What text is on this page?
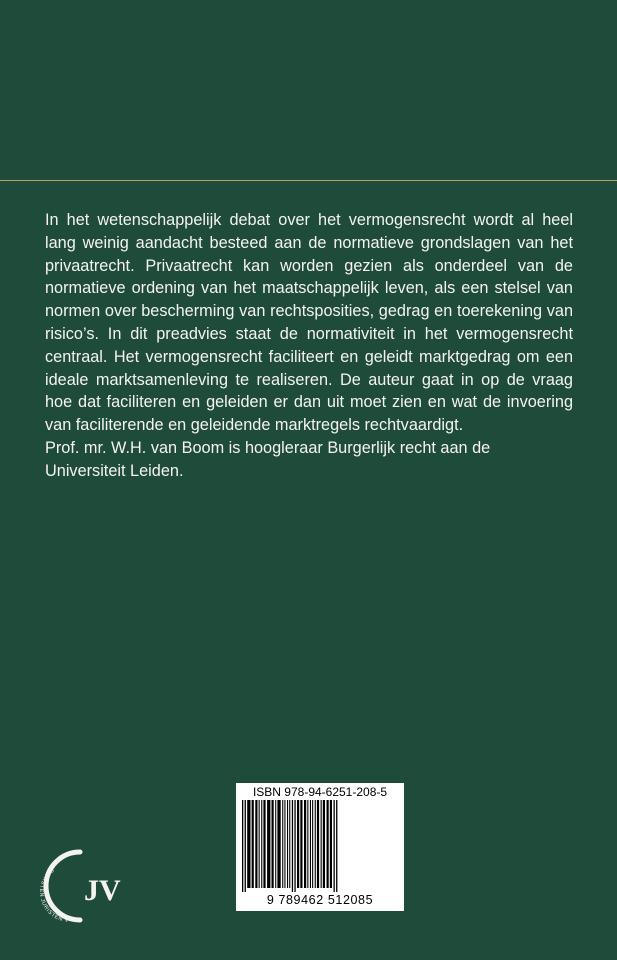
In het wetenschappelijk debat over het vermogensrecht wordt al heel lang weinig aandacht besteed aan de normatieve grondslagen van het privaatrecht. Privaatrecht kan worden gezien als onderdeel van de normatieve ordening van het maatschappelijk leven, als een stelsel van normen over bescherming van rechtsposities, gedrag en toerekening van risico’s. In dit preadvies staat de normativiteit in het vermogensrecht centraal. Het vermogensrecht faciliteert en geleidt marktgedrag om een ideale marktsamenleving te realiseren. De auteur gaat in op de vraag hoe dat faciliteren en geleiden er dan uit moet zien en wat de invoering van faciliterende en geleidende marktregels rechtvaardigt.

Prof. mr. W.H. van Boom is hoogleraar Burgerlijk recht aan de Universiteit Leiden.

ISBN 978-94-6251-208-5
9 789462 512085
CHRISTEN JURISTEN V
JV
